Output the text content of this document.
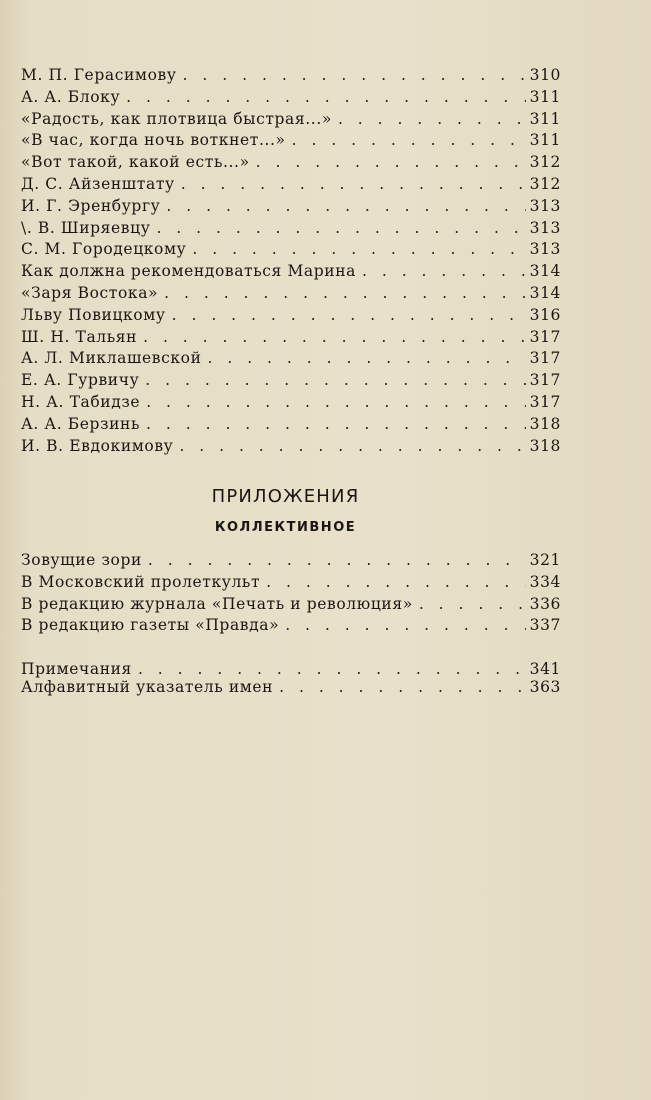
М. П. Герасимову . . .	310
А. А. Блоку . . .	311
«Радость, как плотвица быстрая...» . . .	311
«В час, когда ночь воткнет...» . . .	311
«Вот такой, какой есть...» . . .	312
Д. С. Айзенштату . . .	312
И. Г. Эренбургу . . .	313
\. В. Ширяевцу . . .	313
С. М. Городецкому . . .	313
Как должна рекомендоваться Марина . . .	314
«Заря Востока» . . .	314
Льву Повицкому . . .	316
Ш. Н. Тальян . . .	317
А. Л. Миклашевской . . .	317
Е. А. Гурвичу . . .	317
Н. А. Табидзе . . .	317
А. А. Берзинь . . .	318
И. В. Евдокимову . . .	318
ПРИЛОЖЕНИЯ
КОЛЛЕКТИВНОЕ
Зовущие зори . . .	321
В Московский пролеткульт . . .	334
В редакцию журнала «Печать и революция» . . .	336
В редакцию газеты «Правда» . . .	337
Примечания . . .	341
Алфавитный указатель имен . . .	363
